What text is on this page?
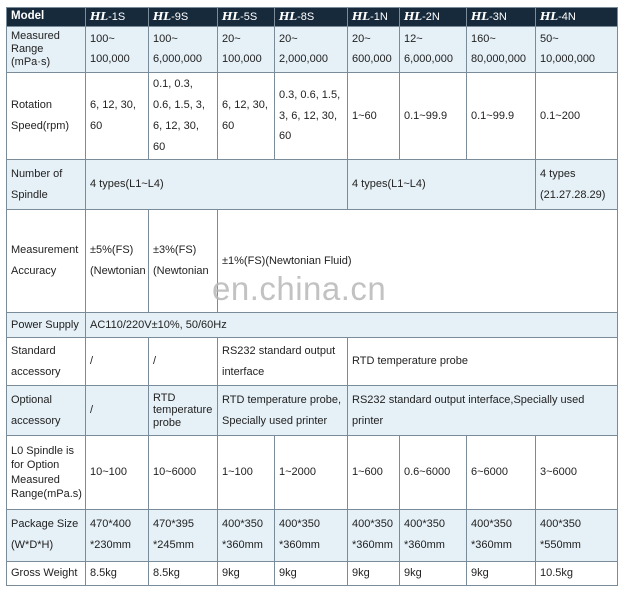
Model	HL-1S	HL-9S	HL-5S	HL-8S	HL-1N	HL-2N	HL-3N	HL-4N
Measured Range (mPa·s)	100~ 100,000	100~ 6,000,000	20~ 100,000	20~ 2,000,000	20~ 600,000	12~ 6,000,000	160~ 80,000,000	50~ 10,000,000
Rotation Speed(rpm)	6, 12, 30, 60	0.1, 0.3, 0.6, 1.5, 3, 6, 12, 30, 60	6, 12, 30, 60	0.3, 0.6, 1.5, 3, 6, 12, 30, 60	1~60	0.1~99.9	0.1~99.9	0.1~200
Number of Spindle	4 types(L1~L4)				4 types(L1~L4)			4 types (21.27.28.29)
Measurement Accuracy	±5%(FS) (Newtonian	±3%(FS) (Newtonian	±1%(FS)(Newtonian Fluid)					
Power Supply	AC110/220V±10%, 50/60Hz							
Standard accessory	/	/	RS232 standard output interface		RTD temperature probe			
Optional accessory	/	RTD temperature probe	RTD temperature probe, Specially used printer		RS232 standard output interface,Specially used printer			
L0 Spindle is for Option Measured Range(mPa.s)	10~100	10~6000	1~100	1~2000	1~600	0.6~6000	6~6000	3~6000
Package Size (W*D*H)	470*400 *230mm	470*395 *245mm	400*350 *360mm	400*350 *360mm	400*350 *360mm	400*350 *360mm	400*350 *360mm	400*350 *550mm
Gross Weight	8.5kg	8.5kg	9kg	9kg	9kg	9kg	9kg	10.5kg
en.china.cn
